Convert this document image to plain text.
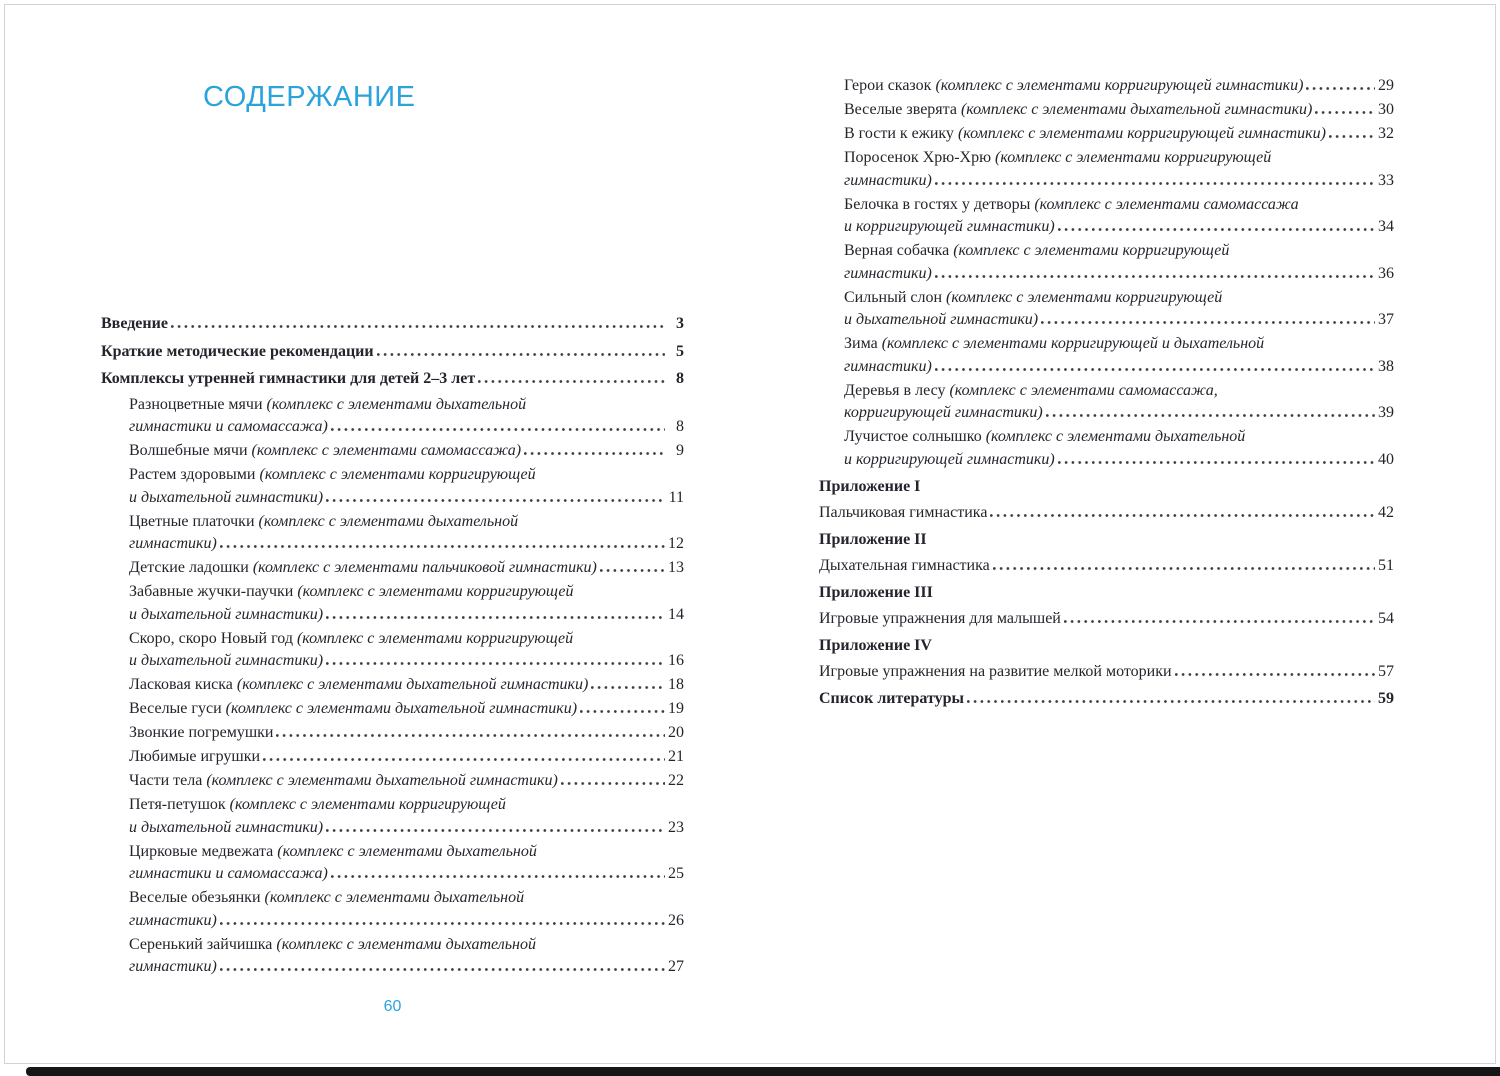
СОДЕРЖАНИЕ
Введение	3
Краткие методические рекомендации	5
Комплексы утренней гимнастики для детей 2–3 лет	8
Разноцветные мячи (комплекс с элементами дыхательной
гимнастики и самомассажа)	8
Волшебные мячи (комплекс с элементами самомассажа)	9
Растем здоровыми (комплекс с элементами корригирующей
и дыхательной гимнастики)	11
Цветные платочки (комплекс с элементами дыхательной
гимнастики)	12
Детские ладошки (комплекс с элементами пальчиковой гимнастики)	13
Забавные жучки-паучки (комплекс с элементами корригирующей
и дыхательной гимнастики)	14
Скоро, скоро Новый год (комплекс с элементами корригирующей
и дыхательной гимнастики)	16
Ласковая киска (комплекс с элементами дыхательной гимнастики)	18
Веселые гуси (комплекс с элементами дыхательной гимнастики)	19
Звонкие погремушки	20
Любимые игрушки	21
Части тела (комплекс с элементами дыхательной гимнастики)	22
Петя-петушок (комплекс с элементами корригирующей
и дыхательной гимнастики)	23
Цирковые медвежата (комплекс с элементами дыхательной
гимнастики и самомассажа)	25
Веселые обезьянки (комплекс с элементами дыхательной
гимнастики)	26
Серенький зайчишка (комплекс с элементами дыхательной
гимнастики)	27
Герои сказок (комплекс с элементами корригирующей гимнастики)	29
Веселые зверята (комплекс с элементами дыхательной гимнастики)	30
В гости к ежику (комплекс с элементами корригирующей гимнастики)	32
Поросенок Хрю-Хрю (комплекс с элементами корригирующей
гимнастики)	33
Белочка в гостях у детворы (комплекс с элементами самомассажа
и корригирующей гимнастики)	34
Верная собачка (комплекс с элементами корригирующей
гимнастики)	36
Сильный слон (комплекс с элементами корригирующей
и дыхательной гимнастики)	37
Зима (комплекс с элементами корригирующей и дыхательной
гимнастики)	38
Деревья в лесу (комплекс с элементами самомассажа,
корригирующей гимнастики)	39
Лучистое солнышко (комплекс с элементами дыхательной
и корригирующей гимнастики)	40
Приложение I
Пальчиковая гимнастика	42
Приложение II
Дыхательная гимнастика	51
Приложение III
Игровые упражнения для малышей	54
Приложение IV
Игровые упражнения на развитие мелкой моторики	57
Список литературы	59
60
